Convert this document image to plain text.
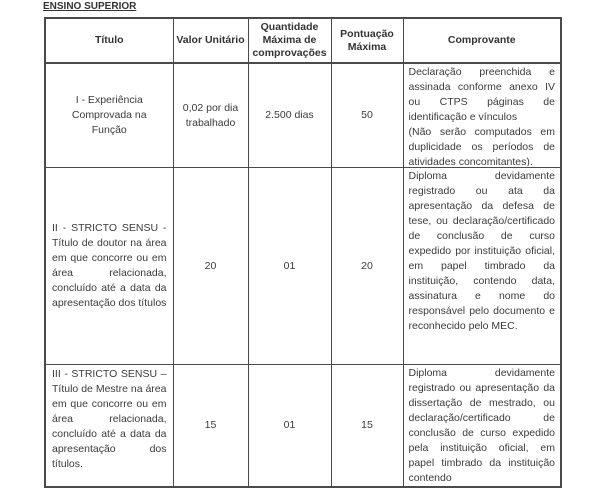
ENSINO SUPERIOR
Título	Valor Unitário	Quantidade Máxima de comprovações	Pontuação Máxima	Comprovante

I - Experiência Comprovada na Função	0,02 por dia trabalhado	2.500 dias	50	Declaração preenchida e assinada conforme anexo IV ou CTPS páginas de identificação e vínculos

(Não serão computados em duplicidade os períodos de atividades concomitantes).

II - STRICTO SENSU - Título de doutor na área em que concorre ou em área relacionada, concluído até a data da apresentação dos títulos	20	01	20	Diploma devidamente registrado ou ata da apresentação da defesa de tese, ou declaração/certificado de conclusão de curso expedido por instituição oficial, em papel timbrado da instituição, contendo data, assinatura e nome do responsável pelo documento e reconhecido pelo MEC.

III - STRICTO SENSU – Título de Mestre na área em que concorre ou em área relacionada, concluído até a data da apresentação dos títulos.	15	01	15	Diploma devidamente registrado ou apresentação da dissertação de mestrado, ou declaração/certificado de conclusão de curso expedido pela instituição oficial, em papel timbrado da instituição contendo
